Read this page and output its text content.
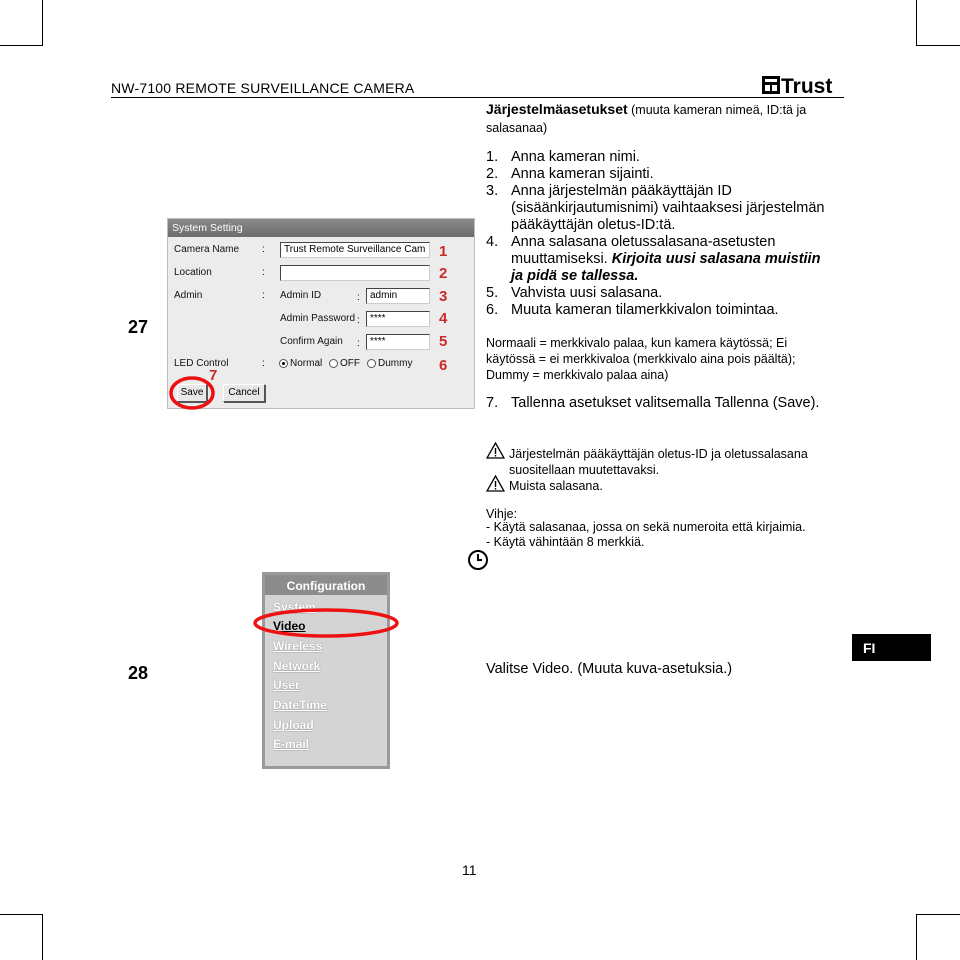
NW-7100 REMOTE SURVEILLANCE CAMERA	Trust
27
Järjestelmäasetukset (muuta kameran nimeä, ID:tä ja salasanaa)
1. Anna kameran nimi.
2. Anna kameran sijainti.
3. Anna järjestelmän pääkäyttäjän ID (sisäänkirjautumisnimi) vaihtaaksesi järjestelmän pääkäyttäjän oletus-ID:tä.
4. Anna salasana oletussalasana-asetusten muuttamiseksi. Kirjoita uusi salasana muistiin ja pidä se tallessa.
5. Vahvista uusi salasana.
6. Muuta kameran tilamerkkivalon toimintaa.
Normaali = merkkivalo palaa, kun kamera käytössä; Ei käytössä = ei merkkivaloa (merkkivalo aina pois päältä); Dummy = merkkivalo palaa aina)
7. Tallenna asetukset valitsemalla Tallenna (Save).
Järjestelmän pääkäyttäjän oletus-ID ja oletussalasana suositellaan muutettavaksi.
Muista salasana.
Vihje:
- Käytä salasanaa, jossa on sekä numeroita että kirjaimia.
- Käytä vähintään 8 merkkiä.
System Setting
Camera Name :	Trust Remote Surveillance Cam
Location	:
Admin	: Admin ID	:	admin
Admin Password :	****
Confirm Again :	****
LED Control	:	Normal OFF Dummy
Save	Cancel
1
2
3
4
5
6
7
28	Valitse Video. (Muuta kuva-asetuksia.)
Configuration
System
Video
Wireless
Network
User
DateTime
Upload
E-mail
FI
11
